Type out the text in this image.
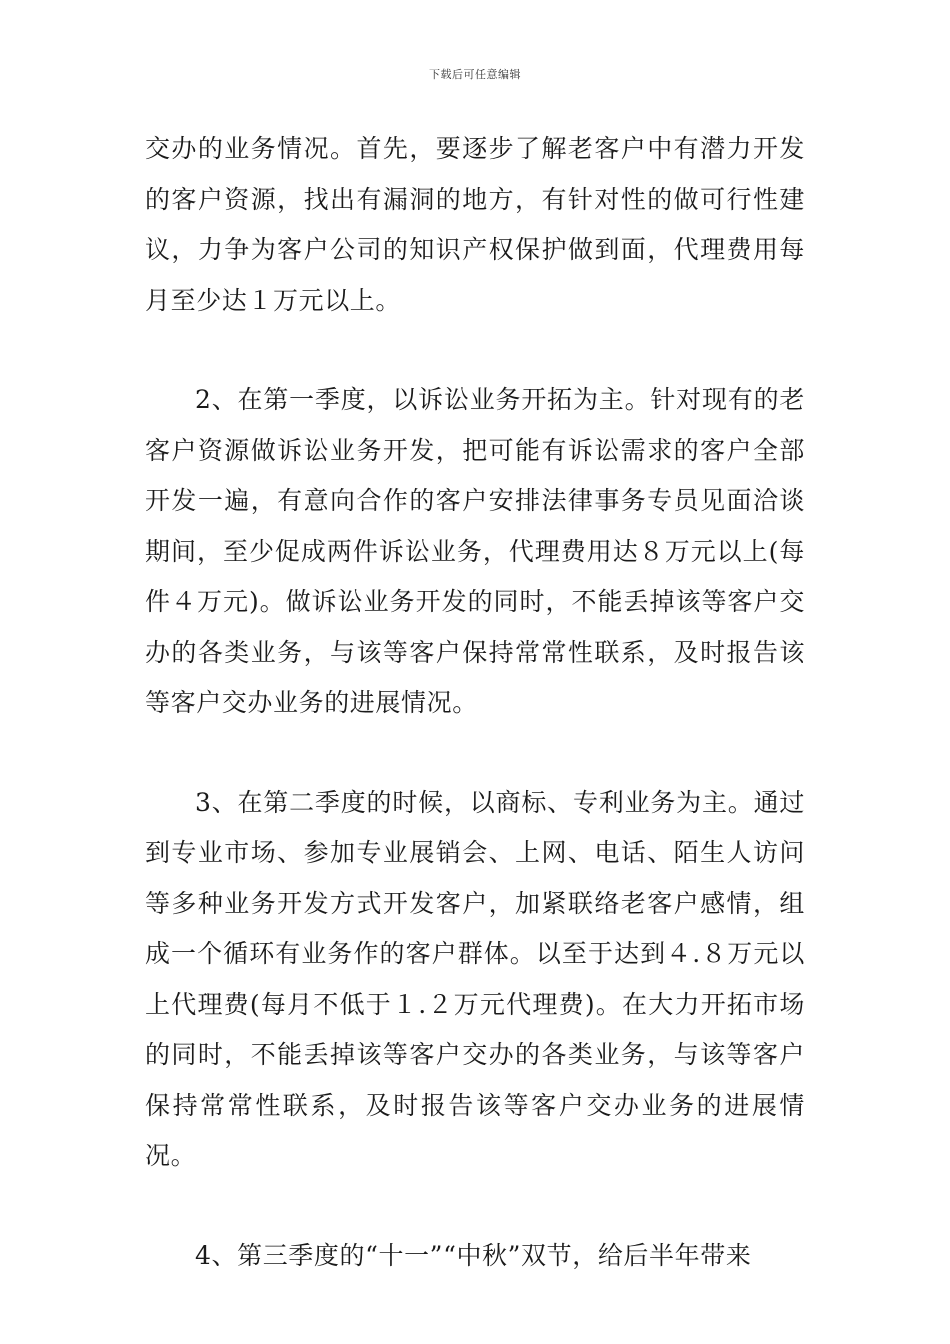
下载后可任意编辑

交办的业务情况。首先，要逐步了解老客户中有潜力开发的客户资源，找出有漏洞的地方，有针对性的做可行性建议，力争为客户公司的知识产权保护做到面，代理费用每月至少达１万元以上。

2、在第一季度，以诉讼业务开拓为主。针对现有的老客户资源做诉讼业务开发，把可能有诉讼需求的客户全部开发一遍，有意向合作的客户安排法律事务专员见面洽谈期间，至少促成两件诉讼业务，代理费用达８万元以上(每件４万元)。做诉讼业务开发的同时，不能丢掉该等客户交办的各类业务，与该等客户保持常常性联系，及时报告该等客户交办业务的进展情况。

3、在第二季度的时候，以商标、专利业务为主。通过到专业市场、参加专业展销会、上网、电话、陌生人访问等多种业务开发方式开发客户，加紧联络老客户感情，组成一个循环有业务作的客户群体。以至于达到４.８万元以上代理费(每月不低于１.２万元代理费)。在大力开拓市场的同时，不能丢掉该等客户交办的各类业务，与该等客户保持常常性联系，及时报告该等客户交办业务的进展情况。

4、第三季度的“十一”“中秋”双节，给后半年带来
